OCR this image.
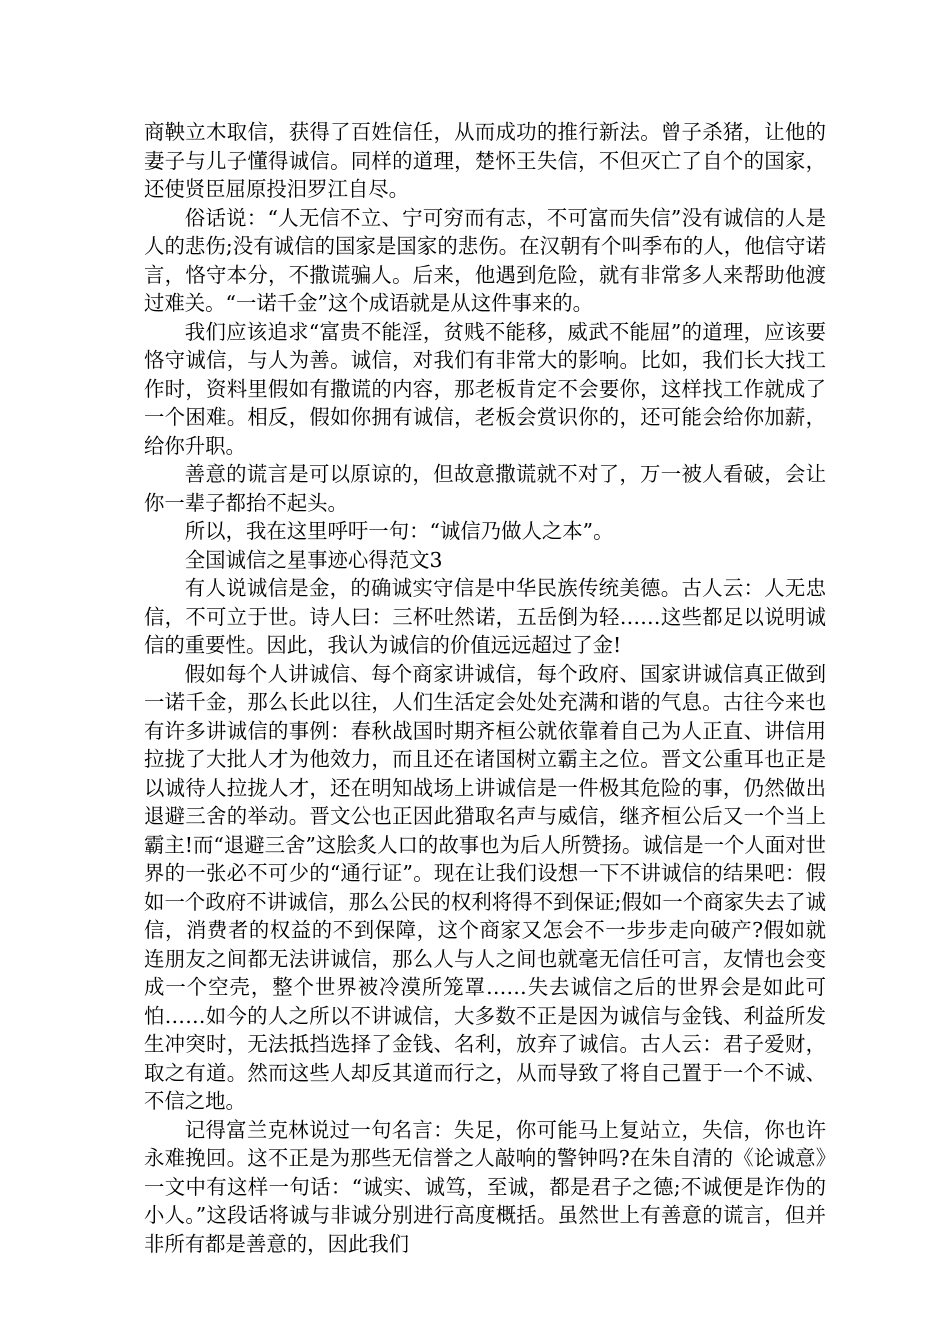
商鞅立木取信，获得了百姓信任，从而成功的推行新法。曾子杀猪，让他的妻子与儿子懂得诚信。同样的道理，楚怀王失信，不但灭亡了自个的国家，还使贤臣屈原投汨罗江自尽。

俗话说：“人无信不立、宁可穷而有志，不可富而失信”没有诚信的人是人的悲伤;没有诚信的国家是国家的悲伤。在汉朝有个叫季布的人，他信守诺言，恪守本分，不撒谎骗人。后来，他遇到危险，就有非常多人来帮助他渡过难关。“一诺千金”这个成语就是从这件事来的。

我们应该追求“富贵不能淫，贫贱不能移，威武不能屈”的道理，应该要恪守诚信，与人为善。诚信，对我们有非常大的影响。比如，我们长大找工作时，资料里假如有撒谎的内容，那老板肯定不会要你，这样找工作就成了一个困难。相反，假如你拥有诚信，老板会赏识你的，还可能会给你加薪，给你升职。

善意的谎言是可以原谅的，但故意撒谎就不对了，万一被人看破，会让你一辈子都抬不起头。

所以，我在这里呼吁一句：“诚信乃做人之本”。

全国诚信之星事迹心得范文3

有人说诚信是金，的确诚实守信是中华民族传统美德。古人云：人无忠信，不可立于世。诗人曰：三杯吐然诺，五岳倒为轻……这些都足以说明诚信的重要性。因此，我认为诚信的价值远远超过了金!

假如每个人讲诚信、每个商家讲诚信，每个政府、国家讲诚信真正做到一诺千金，那么长此以往，人们生活定会处处充满和谐的气息。古往今来也有许多讲诚信的事例：春秋战国时期齐桓公就依靠着自己为人正直、讲信用拉拢了大批人才为他效力，而且还在诸国树立霸主之位。晋文公重耳也正是以诚待人拉拢人才，还在明知战场上讲诚信是一件极其危险的事，仍然做出退避三舍的举动。晋文公也正因此猎取名声与威信，继齐桓公后又一个当上霸主!而“退避三舍”这脍炙人口的故事也为后人所赞扬。诚信是一个人面对世界的一张必不可少的“通行证”。现在让我们设想一下不讲诚信的结果吧：假如一个政府不讲诚信，那么公民的权利将得不到保证;假如一个商家失去了诚信，消费者的权益的不到保障，这个商家又怎会不一步步走向破产?假如就连朋友之间都无法讲诚信，那么人与人之间也就毫无信任可言，友情也会变成一个空壳，整个世界被冷漠所笼罩……失去诚信之后的世界会是如此可怕……如今的人之所以不讲诚信，大多数不正是因为诚信与金钱、利益所发生冲突时，无法抵挡选择了金钱、名利，放弃了诚信。古人云：君子爱财，取之有道。然而这些人却反其道而行之，从而导致了将自己置于一个不诚、不信之地。

记得富兰克林说过一句名言：失足，你可能马上复站立，失信，你也许永难挽回。这不正是为那些无信誉之人敲响的警钟吗?在朱自清的《论诚意》一文中有这样一句话：“诚实、诚笃，至诚，都是君子之德;不诚便是诈伪的小人。”这段话将诚与非诚分别进行高度概括。虽然世上有善意的谎言，但并非所有都是善意的，因此我们
